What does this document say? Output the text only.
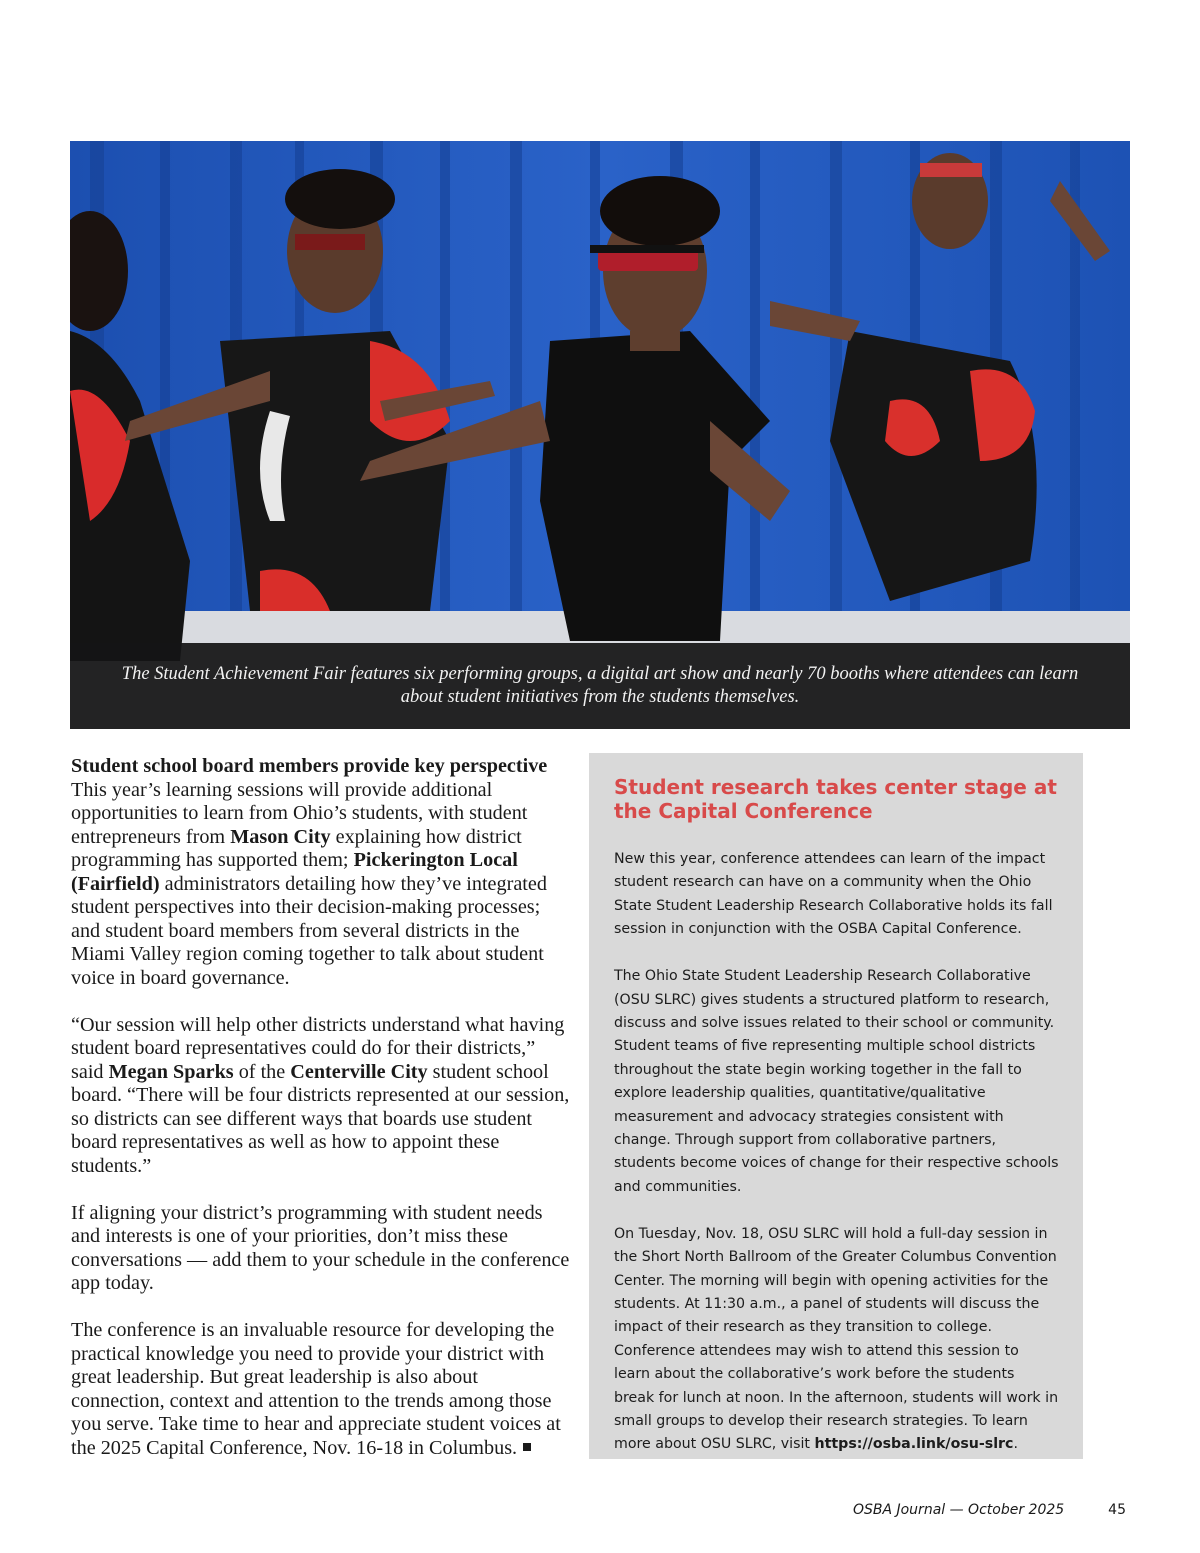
The Student Achievement Fair features six performing groups, a digital art show and nearly 70 booths where attendees can learn about student initiatives from the students themselves.
Student school board members provide key perspective

This year’s learning sessions will provide additional opportunities to learn from Ohio’s students, with student entrepreneurs from Mason City explaining how district programming has supported them; Pickerington Local (Fairfield) administrators detailing how they’ve integrated student perspectives into their decision-making processes; and student board members from several districts in the Miami Valley region coming together to talk about student voice in board governance.

“Our session will help other districts understand what having student board representatives could do for their districts,” said Megan Sparks of the Centerville City student school board. “There will be four districts represented at our session, so districts can see different ways that boards use student board representatives as well as how to appoint these students.”

If aligning your district’s programming with student needs and interests is one of your priorities, don’t miss these conversations — add them to your schedule in the conference app today.

The conference is an invaluable resource for developing the practical knowledge you need to provide your district with great leadership. But great leadership is also about connection, context and attention to the trends among those you serve. Take time to hear and appreciate student voices at the 2025 Capital Conference, Nov. 16-18 in Columbus.

Student research takes center stage at the Capital Conference

New this year, conference attendees can learn of the impact student research can have on a community when the Ohio State Student Leadership Research Collaborative holds its fall session in conjunction with the OSBA Capital Conference.

The Ohio State Student Leadership Research Collaborative (OSU SLRC) gives students a structured platform to research, discuss and solve issues related to their school or community. Student teams of five representing multiple school districts throughout the state begin working together in the fall to explore leadership qualities, quantitative/qualitative measurement and advocacy strategies consistent with change. Through support from collaborative partners, students become voices of change for their respective schools and communities.

On Tuesday, Nov. 18, OSU SLRC will hold a full-day session in the Short North Ballroom of the Greater Columbus Convention Center. The morning will begin with opening activities for the students. At 11:30 a.m., a panel of students will discuss the impact of their research as they transition to college. Conference attendees may wish to attend this session to learn about the collaborative’s work before the students break for lunch at noon. In the afternoon, students will work in small groups to develop their research strategies. To learn more about OSU SLRC, visit https://osba.link/osu-slrc.

OSBA Journal — October 2025	45
